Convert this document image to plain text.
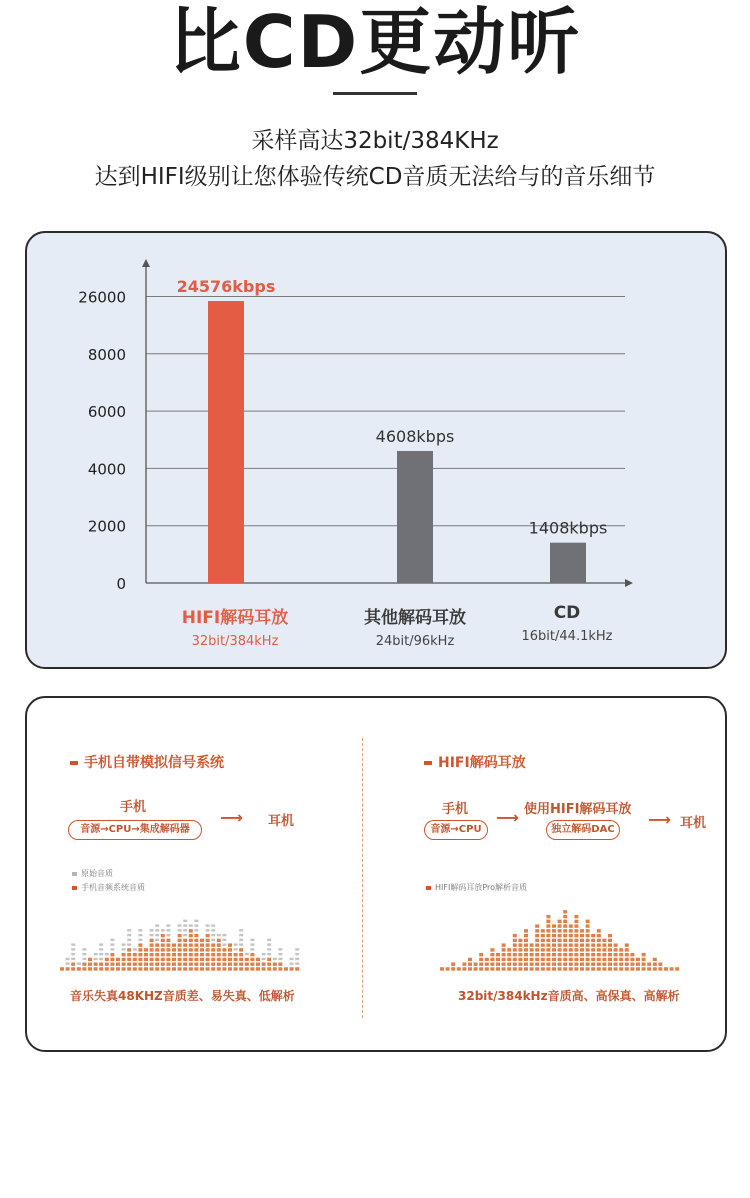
比CD更动听
采样高达32bit/384KHz
达到HIFI级别让您体验传统CD音质无法给与的音乐细节
26000
8000
6000
4000
2000
0
24576kbps
4608kbps
1408kbps
HIFI解码耳放
32bit/384kHz
其他解码耳放
24bit/96kHz
CD
16bit/44.1kHz
手机自带模拟信号系统
手机
音源→CPU→集成解码器
⟶ 耳机
原始音质
手机音频系统音质
音乐失真48KHZ音质差、易失真、低解析
HIFI解码耳放
手机
音源→CPU
⟶ 使用HIFI解码耳放
独立解码DAC
⟶ 耳机
HIFI解码耳放Pro解析音质
32bit/384kHz音质高、高保真、高解析
